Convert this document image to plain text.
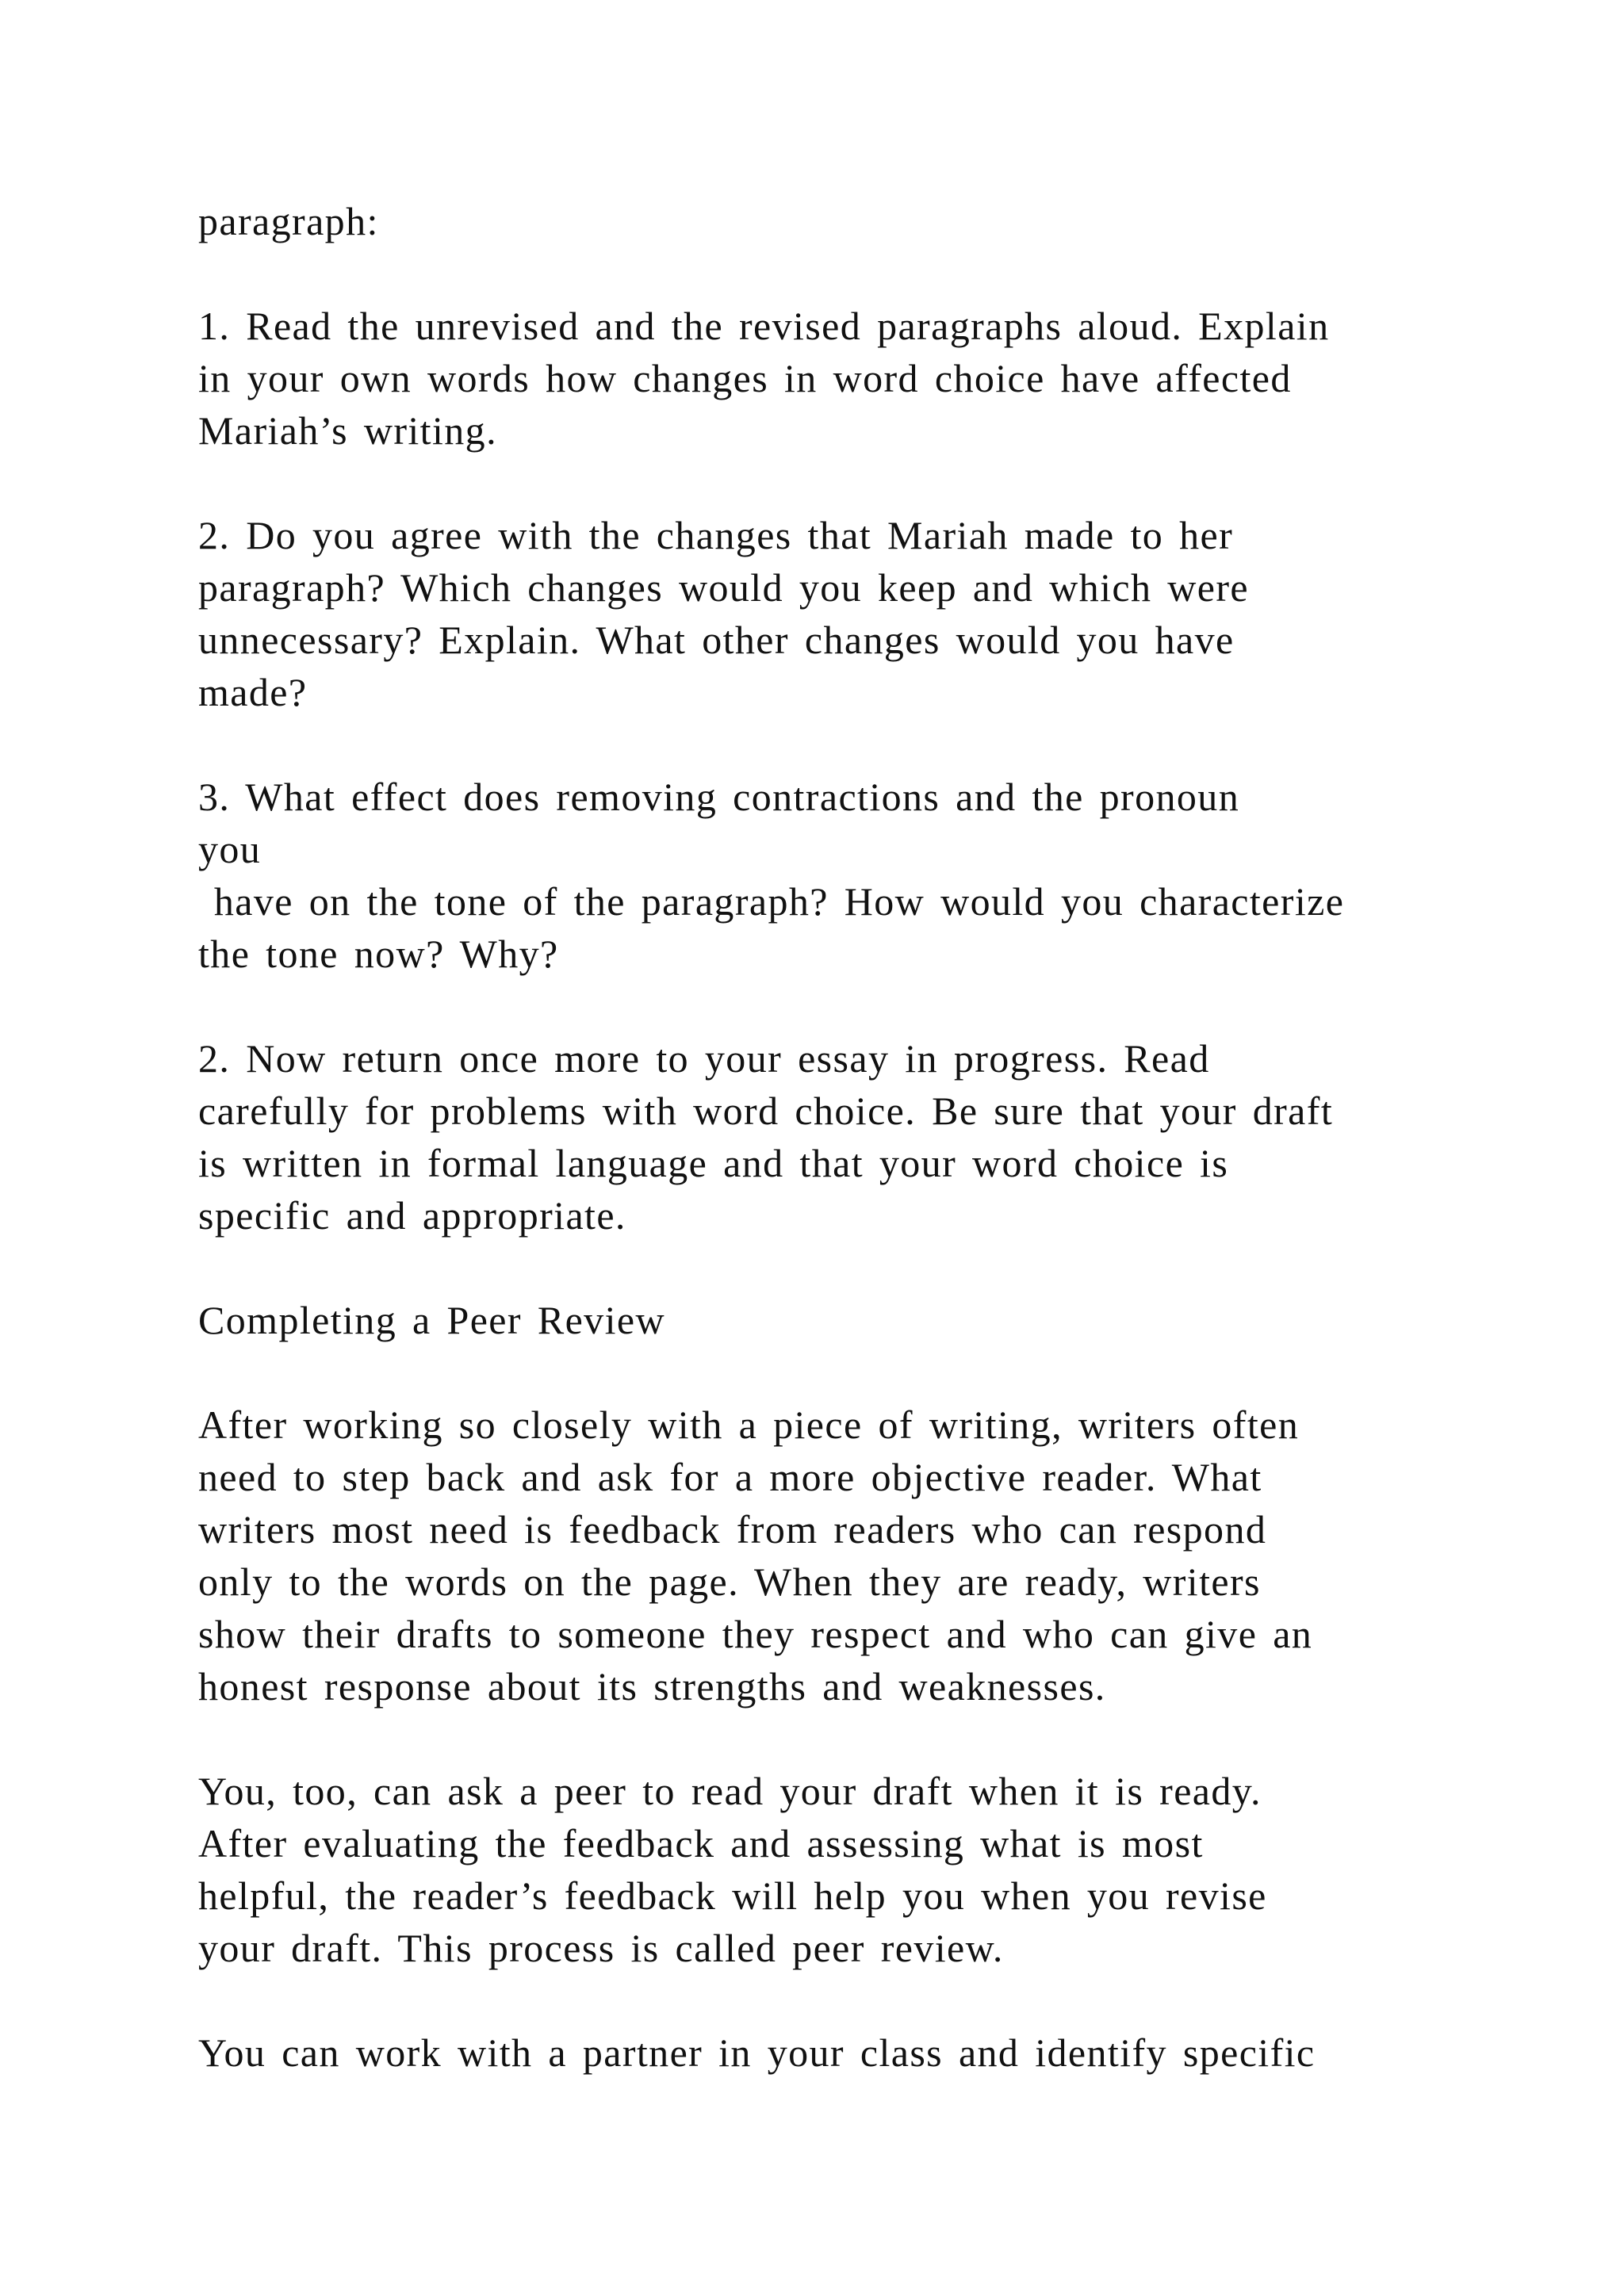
paragraph:
1. Read the unrevised and the revised paragraphs aloud. Explain
in your own words how changes in word choice have affected
Mariah’s writing.
2. Do you agree with the changes that Mariah made to her
paragraph? Which changes would you keep and which were
unnecessary? Explain. What other changes would you have
made?
3. What effect does removing contractions and the pronoun
you
have on the tone of the paragraph? How would you characterize
the tone now? Why?
2. Now return once more to your essay in progress. Read
carefully for problems with word choice. Be sure that your draft
is written in formal language and that your word choice is
specific and appropriate.
Completing a Peer Review
After working so closely with a piece of writing, writers often
need to step back and ask for a more objective reader. What
writers most need is feedback from readers who can respond
only to the words on the page. When they are ready, writers
show their drafts to someone they respect and who can give an
honest response about its strengths and weaknesses.
You, too, can ask a peer to read your draft when it is ready.
After evaluating the feedback and assessing what is most
helpful, the reader’s feedback will help you when you revise
your draft. This process is called peer review.
You can work with a partner in your class and identify specific
